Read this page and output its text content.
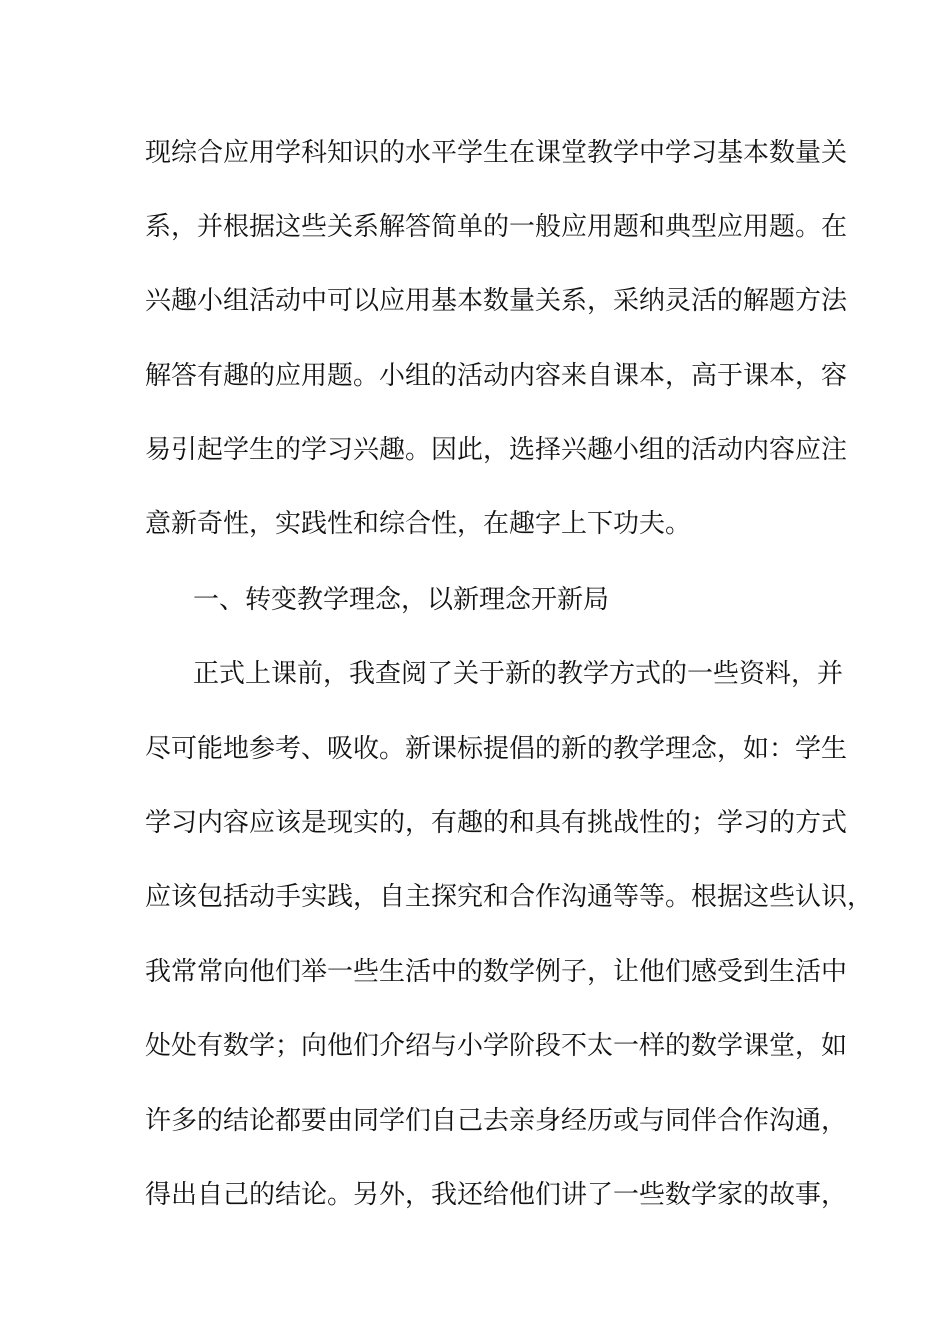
现综合应用学科知识的水平学生在课堂教学中学习基本数量关
系，并根据这些关系解答简单的一般应用题和典型应用题。在
兴趣小组活动中可以应用基本数量关系，采纳灵活的解题方法
解答有趣的应用题。小组的活动内容来自课本，高于课本，容
易引起学生的学习兴趣。因此，选择兴趣小组的活动内容应注
意新奇性，实践性和综合性，在趣字上下功夫。
一、转变教学理念，以新理念开新局
正式上课前，我查阅了关于新的教学方式的一些资料，并
尽可能地参考、吸收。新课标提倡的新的教学理念，如：学生
学习内容应该是现实的，有趣的和具有挑战性的；学习的方式
应该包括动手实践，自主探究和合作沟通等等。根据这些认识，
我常常向他们举一些生活中的数学例子，让他们感受到生活中
处处有数学；向他们介绍与小学阶段不太一样的数学课堂，如
许多的结论都要由同学们自己去亲身经历或与同伴合作沟通，
得出自己的结论。另外，我还给他们讲了一些数学家的故事，
